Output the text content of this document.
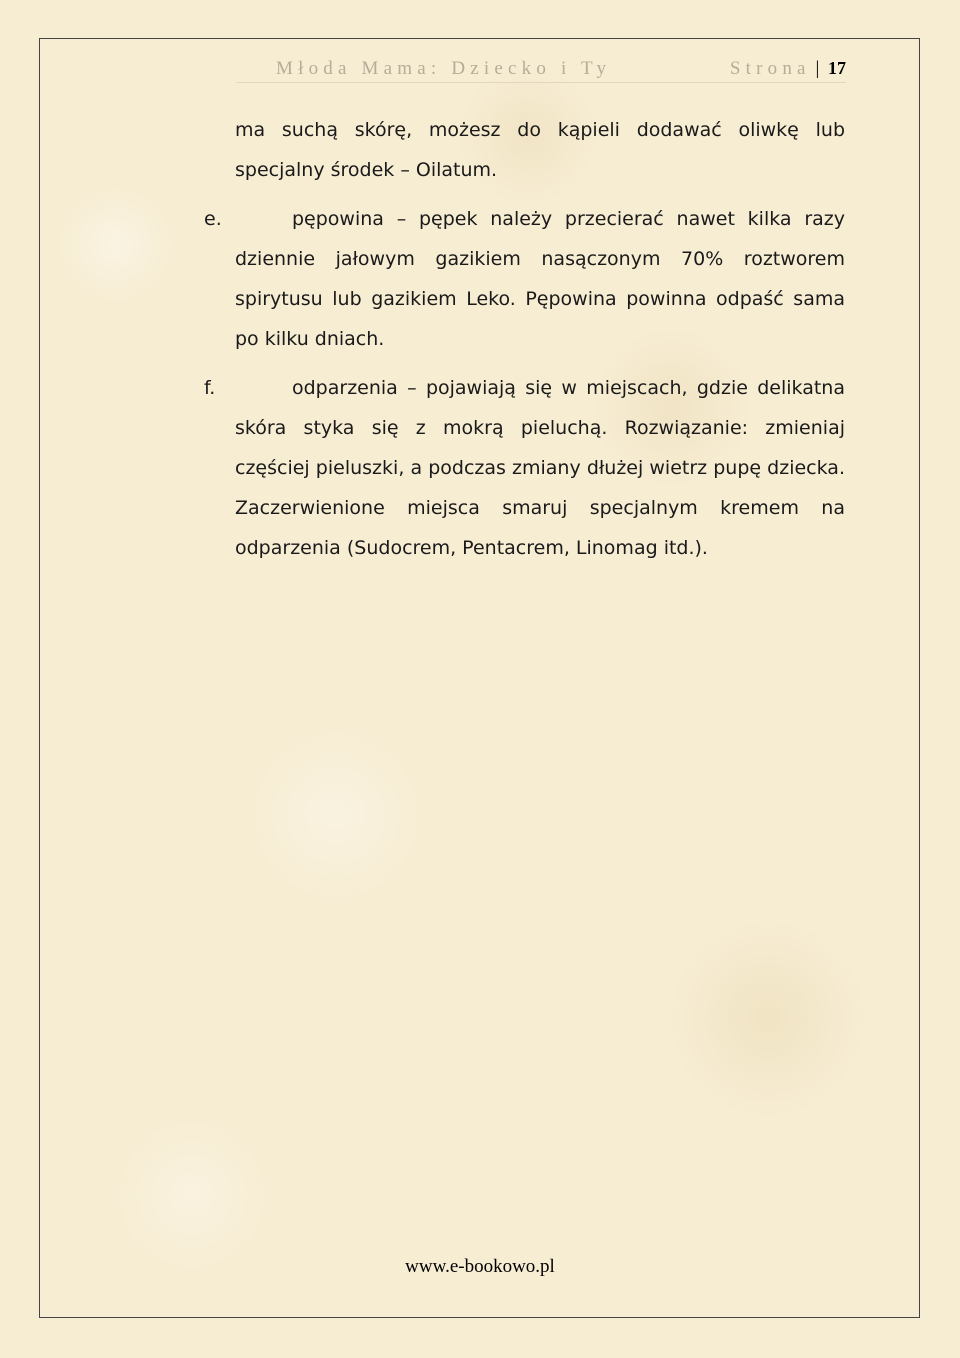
Młoda Mama: Dziecko i Ty	Strona | 17

ma suchą skórę, możesz do kąpieli dodawać oliwkę lub specjalny środek – Oilatum.

e.	pępowina – pępek należy przecierać nawet kilka razy dziennie jałowym gazikiem nasączonym 70% roztworem spirytusu lub gazikiem Leko. Pępowina powinna odpaść sama po kilku dniach.

f.	odparzenia – pojawiają się w miejscach, gdzie delikatna skóra styka się z mokrą pieluchą. Rozwiązanie: zmieniaj częściej pieluszki, a podczas zmiany dłużej wietrz pupę dziecka. Zaczerwienione miejsca smaruj specjalnym kremem na odparzenia (Sudocrem, Pentacrem, Linomag itd.).

www.e-bookowo.pl
